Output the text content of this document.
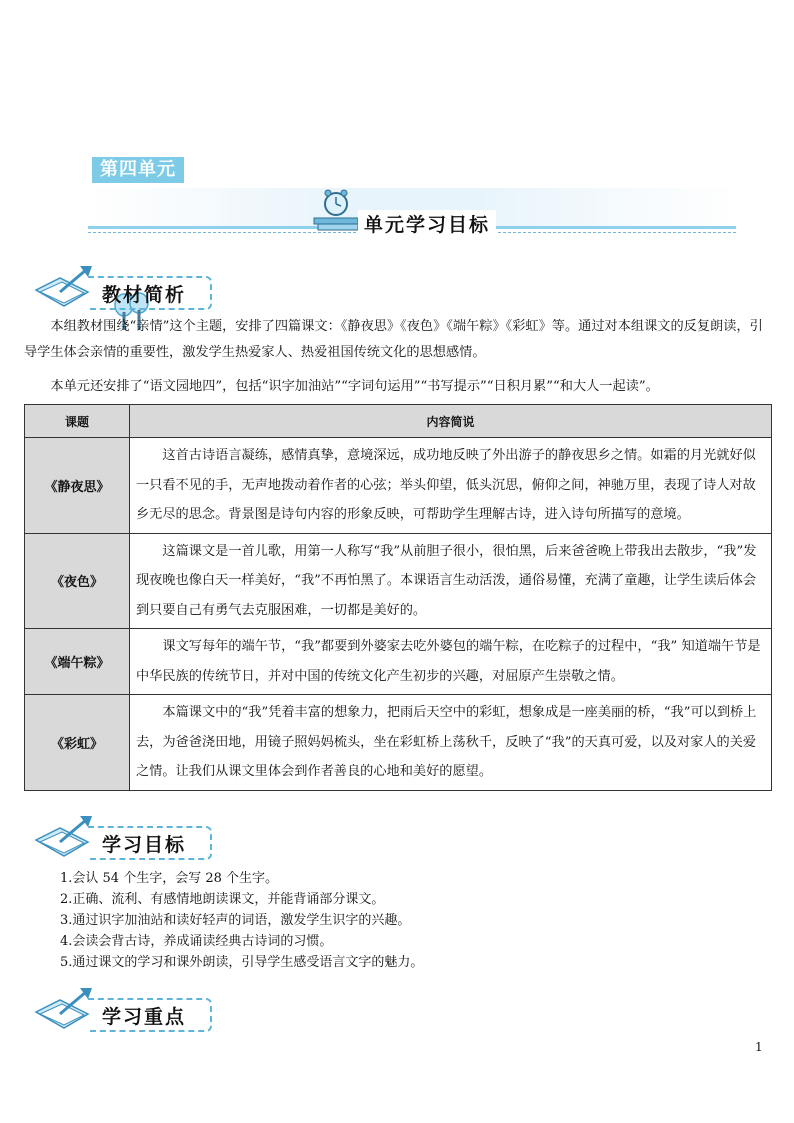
第四单元
单元学习目标
教材简析
本组教材围绕“亲情”这个主题，安排了四篇课文：《静夜思》《夜色》《端午粽》《彩虹》等。通过对本组课文的反复朗读，引导学生体会亲情的重要性，激发学生热爱家人、热爱祖国传统文化的思想感情。
本单元还安排了“语文园地四”，包括“识字加油站”“字词句运用”“书写提示”“日积月累”“和大人一起读”。
课题	内容简说
《静夜思》	这首古诗语言凝练，感情真挚，意境深远，成功地反映了外出游子的静夜思乡之情。如霜的月光就好似一只看不见的手，无声地拨动着作者的心弦；举头仰望，低头沉思，俯仰之间，神驰万里，表现了诗人对故乡无尽的思念。背景图是诗句内容的形象反映，可帮助学生理解古诗，进入诗句所描写的意境。
《夜色》	这篇课文是一首儿歌，用第一人称写“我”从前胆子很小，很怕黑，后来爸爸晚上带我出去散步，“我”发现夜晚也像白天一样美好，“我”不再怕黑了。本课语言生动活泼，通俗易懂，充满了童趣，让学生读后体会到只要自己有勇气去克服困难，一切都是美好的。
《端午粽》	课文写每年的端午节，“我”都要到外婆家去吃外婆包的端午粽，在吃粽子的过程中，“我” 知道端午节是中华民族的传统节日，并对中国的传统文化产生初步的兴趣，对屈原产生崇敬之情。
《彩虹》	本篇课文中的“我”凭着丰富的想象力，把雨后天空中的彩虹，想象成是一座美丽的桥，“我”可以到桥上去，为爸爸浇田地，用镜子照妈妈梳头，坐在彩虹桥上荡秋千，反映了“我”的天真可爱，以及对家人的关爱之情。让我们从课文里体会到作者善良的心地和美好的愿望。
学习目标
1.会认 54 个生字，会写 28 个生字。
2.正确、流利、有感情地朗读课文，并能背诵部分课文。
3.通过识字加油站和读好轻声的词语，激发学生识字的兴趣。
4.会读会背古诗，养成诵读经典古诗词的习惯。
5.通过课文的学习和课外朗读，引导学生感受语言文字的魅力。
学习重点
1
